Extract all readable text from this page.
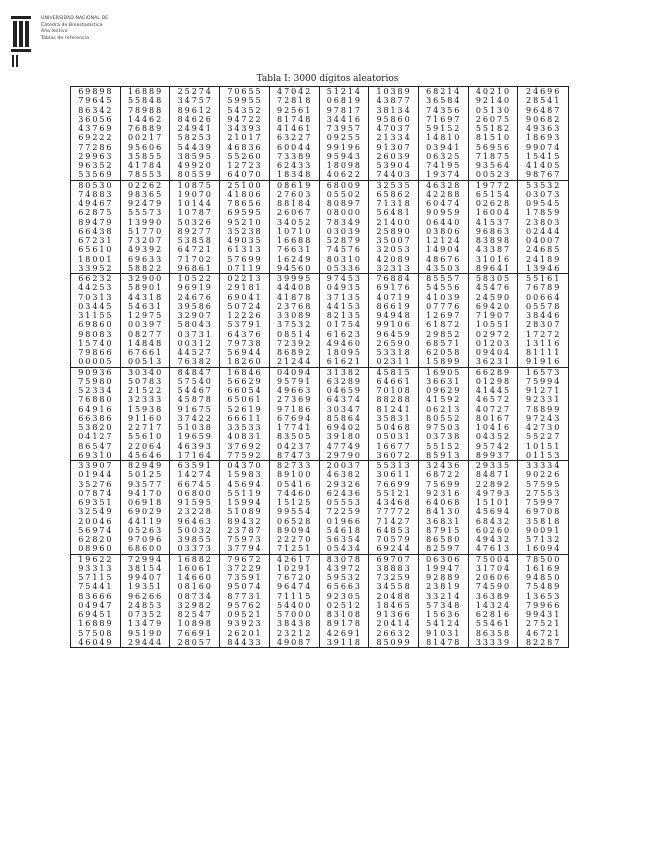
UNIVERSIDAD NACIONAL DE
Cátedra de Bioestadística
Año lectivo
Tablas de referencia
Tabla I: 3000 dígitos aleatorios
69898
79645
86342
36056
43769
69222
77286
29963
96352
53569
16889
55848
78988
14462
76889
00217
95606
35855
41784
78553
25274
34757
89612
84626
24941
58253
54439
38595
49920
80559
70655
59955
54352
94722
34393
21017
46836
55260
12723
64070
47042
72818
92561
81748
41461
63227
60044
73389
62433
18348
51214
06819
97817
34416
73957
09255
99196
95943
18098
40622
10389
43877
38134
95860
47037
21334
91307
26039
53904
74403
68214
36584
74356
71697
59152
14810
03941
06325
74195
19374
40210
92140
05130
26075
55182
81510
56956
71875
93564
00523
24696
28541
96487
90682
49363
18693
99074
15415
41405
98767
80530
74883
49467
62875
89479
66438
67231
65610
18001
33952
02262
98365
92479
55573
13990
51770
73207
49392
69633
58822
10875
19070
10144
10787
50326
89277
53858
64721
71702
96861
25100
41806
78656
69595
95210
35238
49035
61313
57699
07119
08619
27603
88184
26067
34052
10710
16688
76631
16249
94560
68009
05502
80897
08000
78349
03039
52879
74576
80310
05336
32535
65862
71318
56481
21400
25890
35007
32053
42089
32313
46328
42288
60474
90959
06440
03806
12124
14904
48676
43503
19772
65154
02628
16004
41537
96863
83898
43387
31016
89641
53532
03073
09545
17859
23803
02444
04007
24685
24189
13946
66232
44253
70313
03445
31155
69860
98083
15740
79866
00005
32900
58901
44318
54631
12975
00397
08277
14848
67661
00513
10522
96919
24676
39586
32907
58043
03731
00312
44527
76382
02213
29181
69041
50724
12226
53791
64376
79738
56944
18260
39995
44408
41878
23768
33089
37532
08514
72392
86892
21244
97453
04935
37135
44153
82135
01754
61623
49460
18095
61621
76884
69176
40719
86619
94948
99106
96459
26590
53318
02311
85557
54556
41039
07776
12697
61872
29852
68571
62058
15899
58305
45476
24590
69420
71907
10551
02972
01203
09404
36231
55161
76789
00664
05578
38446
28307
17272
13116
81111
91916
90936
75980
52334
76880
64916
66386
53820
04127
86547
69310
30340
50783
21522
32333
15938
91160
22717
55610
22064
45646
84847
57540
54467
45878
91675
37422
51038
19659
46393
17164
16846
56629
66054
65061
52619
66611
33533
40831
37692
77592
04094
95791
49663
27369
97186
67694
17741
83505
04237
87473
31382
63289
04659
64374
30347
85864
69402
39180
47749
29790
45815
64661
70108
88288
81241
35831
50468
05031
16677
36072
16905
36631
09629
41592
06213
80552
97503
03738
55152
85913
66289
01298
41445
46572
40727
80167
10416
04352
95742
89937
16573
75994
91271
92331
78899
97243
42730
55227
10151
01153
33907
01944
35276
07874
69351
32549
20046
56974
62820
08960
82949
50125
93577
94170
06918
69029
44119
05263
97096
68600
63591
14274
66745
06800
91595
23228
96463
50032
39855
03373
04370
15983
45694
55119
15994
51089
89432
23787
75973
37794
82733
89100
05416
74460
15125
99554
06528
89094
22270
71251
20037
46382
29326
62436
05553
72259
01966
54618
56354
05434
55313
30611
76699
55121
43468
77772
71427
64853
70579
69244
32436
68722
75699
92316
64068
84130
36831
87915
86580
82597
29335
84871
22892
49793
15101
45694
68432
60260
49432
47613
33334
90226
57595
27553
75997
69708
35818
90091
57132
16094
19622
93313
57115
75441
83666
04947
69451
16889
57508
46049
72994
38154
99407
19351
96266
24853
07352
13479
95190
29444
16882
16061
14660
08160
08734
32982
82547
10898
76691
28057
79672
37229
73591
95074
87731
95762
09521
93923
26201
84433
42617
10291
76720
96474
71115
54400
57000
38438
23212
49087
83078
43972
59532
65663
92305
02512
83108
89178
42691
39118
69707
38883
73259
34558
20488
18465
91366
20414
26632
85099
06306
19947
92889
23819
33214
57348
15636
54124
91031
81478
75004
31704
20606
74590
36389
14324
62816
55461
86358
33339
78500
16169
94850
75489
13653
79966
99431
27521
46721
82287
